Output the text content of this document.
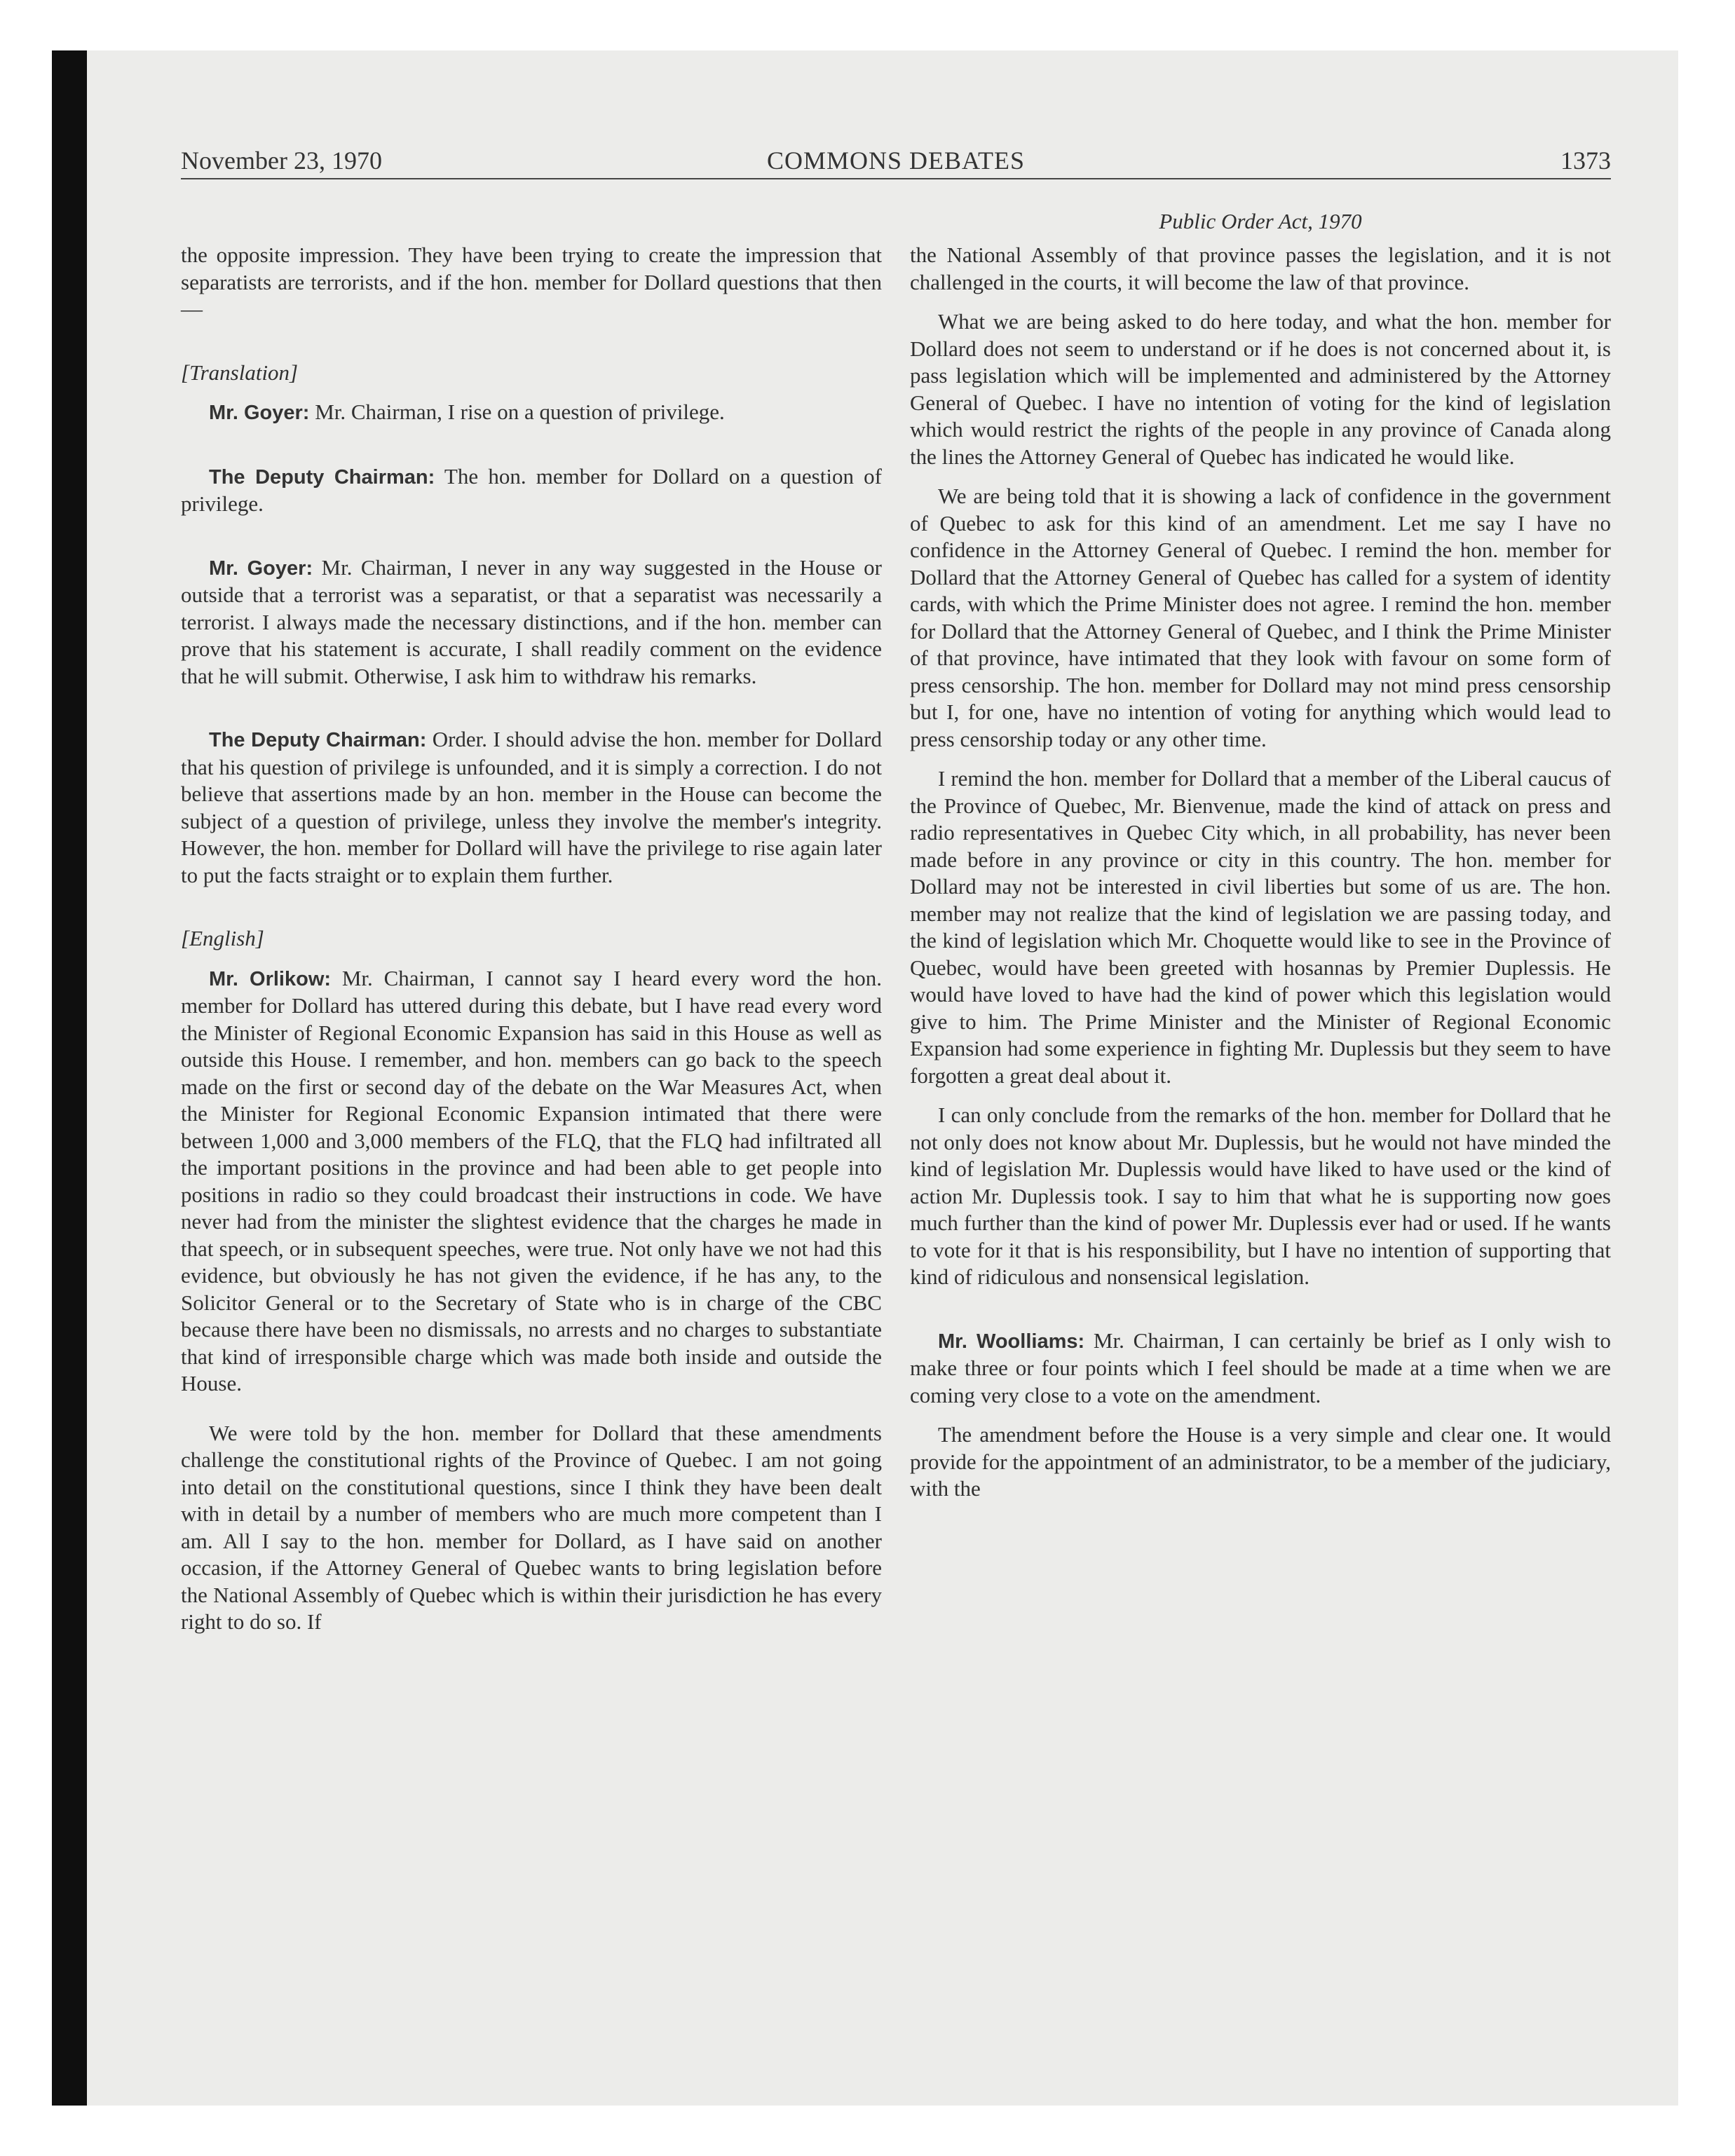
COMMONS DEBATES
November 23, 1970	1373

the opposite impression. They have been trying to create the impression that separatists are terrorists, and if the hon. member for Dollard questions that then—

[Translation]

Mr. Goyer: Mr. Chairman, I rise on a question of privilege.

The Deputy Chairman: The hon. member for Dollard on a question of privilege.

Mr. Goyer: Mr. Chairman, I never in any way suggested in the House or outside that a terrorist was a separatist, or that a separatist was necessarily a terrorist. I always made the necessary distinctions, and if the hon. member can prove that his statement is accurate, I shall readily comment on the evidence that he will submit. Otherwise, I ask him to withdraw his remarks.

The Deputy Chairman: Order. I should advise the hon. member for Dollard that his question of privilege is unfounded, and it is simply a correction. I do not believe that assertions made by an hon. member in the House can become the subject of a question of privilege, unless they involve the member's integrity. However, the hon. member for Dollard will have the privilege to rise again later to put the facts straight or to explain them further.

[English]

Mr. Orlikow: Mr. Chairman, I cannot say I heard every word the hon. member for Dollard has uttered during this debate, but I have read every word the Minister of Regional Economic Expansion has said in this House as well as outside this House. I remember, and hon. members can go back to the speech made on the first or second day of the debate on the War Measures Act, when the Minister for Regional Economic Expansion intimated that there were between 1,000 and 3,000 members of the FLQ, that the FLQ had infiltrated all the important positions in the province and had been able to get people into positions in radio so they could broadcast their instructions in code. We have never had from the minister the slightest evidence that the charges he made in that speech, or in subsequent speeches, were true. Not only have we not had this evidence, but obviously he has not given the evidence, if he has any, to the Solicitor General or to the Secretary of State who is in charge of the CBC because there have been no dismissals, no arrests and no charges to substantiate that kind of irresponsible charge which was made both inside and outside the House.

We were told by the hon. member for Dollard that these amendments challenge the constitutional rights of the Province of Quebec. I am not going into detail on the constitutional questions, since I think they have been dealt with in detail by a number of members who are much more competent than I am. All I say to the hon. member for Dollard, as I have said on another occasion, if the Attorney General of Quebec wants to bring legislation before the National Assembly of Quebec which is within their jurisdiction he has every right to do so. If

Public Order Act, 1970

the National Assembly of that province passes the legislation, and it is not challenged in the courts, it will become the law of that province.

What we are being asked to do here today, and what the hon. member for Dollard does not seem to understand or if he does is not concerned about it, is pass legislation which will be implemented and administered by the Attorney General of Quebec. I have no intention of voting for the kind of legislation which would restrict the rights of the people in any province of Canada along the lines the Attorney General of Quebec has indicated he would like.

We are being told that it is showing a lack of confidence in the government of Quebec to ask for this kind of an amendment. Let me say I have no confidence in the Attorney General of Quebec. I remind the hon. member for Dollard that the Attorney General of Quebec has called for a system of identity cards, with which the Prime Minister does not agree. I remind the hon. member for Dollard that the Attorney General of Quebec, and I think the Prime Minister of that province, have intimated that they look with favour on some form of press censorship. The hon. member for Dollard may not mind press censorship but I, for one, have no intention of voting for anything which would lead to press censorship today or any other time.

I remind the hon. member for Dollard that a member of the Liberal caucus of the Province of Quebec, Mr. Bienvenue, made the kind of attack on press and radio representatives in Quebec City which, in all probability, has never been made before in any province or city in this country. The hon. member for Dollard may not be interested in civil liberties but some of us are. The hon. member may not realize that the kind of legislation we are passing today, and the kind of legislation which Mr. Choquette would like to see in the Province of Quebec, would have been greeted with hosannas by Premier Duplessis. He would have loved to have had the kind of power which this legislation would give to him. The Prime Minister and the Minister of Regional Economic Expansion had some experience in fighting Mr. Duplessis but they seem to have forgotten a great deal about it.

I can only conclude from the remarks of the hon. member for Dollard that he not only does not know about Mr. Duplessis, but he would not have minded the kind of legislation Mr. Duplessis would have liked to have used or the kind of action Mr. Duplessis took. I say to him that what he is supporting now goes much further than the kind of power Mr. Duplessis ever had or used. If he wants to vote for it that is his responsibility, but I have no intention of supporting that kind of ridiculous and nonsensical legislation.

Mr. Woolliams: Mr. Chairman, I can certainly be brief as I only wish to make three or four points which I feel should be made at a time when we are coming very close to a vote on the amendment.

The amendment before the House is a very simple and clear one. It would provide for the appointment of an administrator, to be a member of the judiciary, with the
